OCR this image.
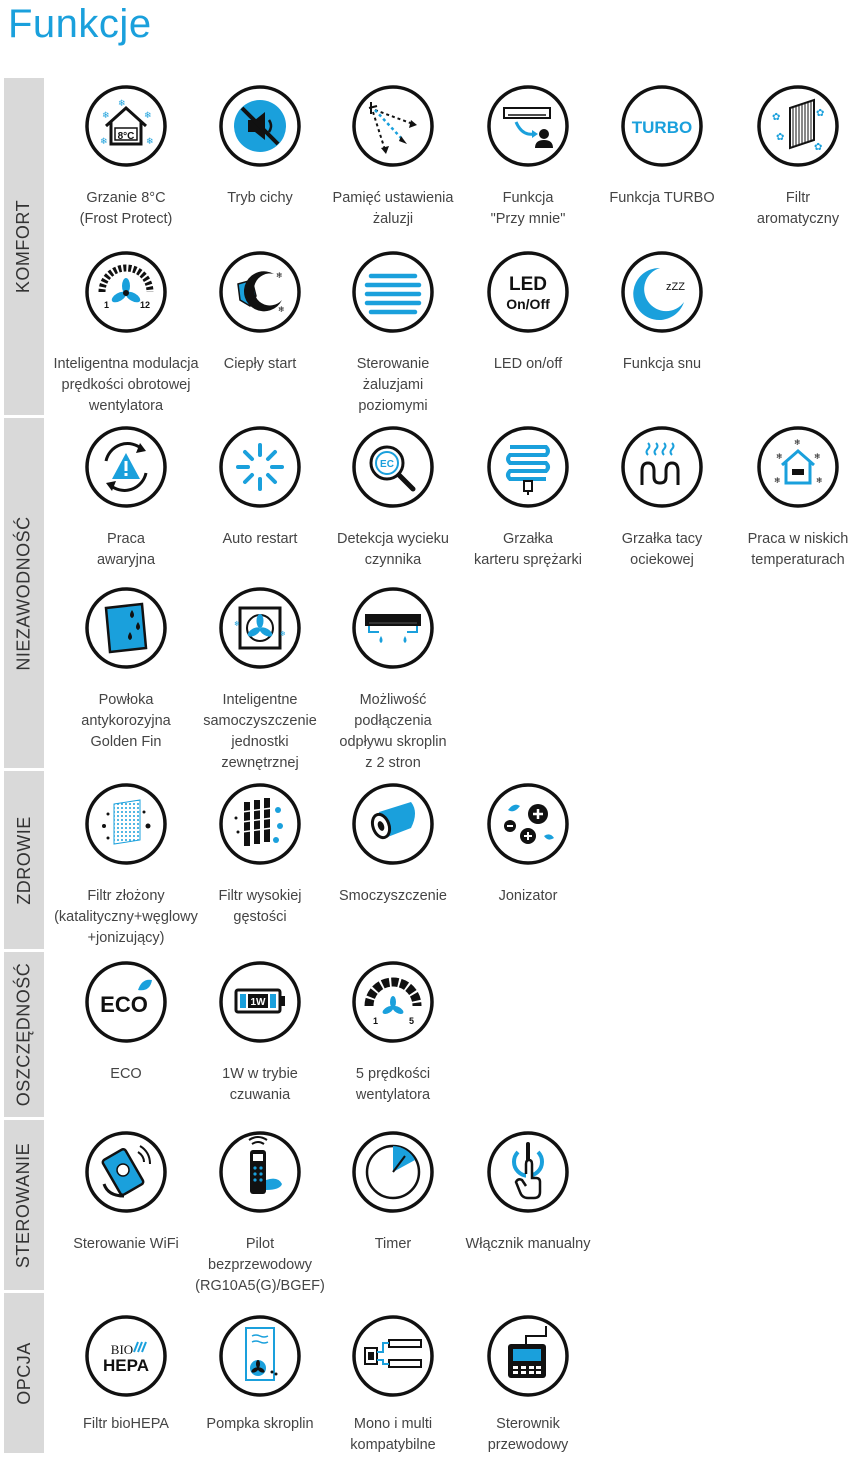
Funkcje
KOMFORT
NIEZAWODNOŚĆ
ZDROWIE
OSZCZĘDNOŚĆ
STEROWANIE
OPCJA
8°C
❄
❄	❄
❄	❄
Grzanie 8°C
(Frost Protect)
Tryb cichy	Pamięć ustawienia
żaluzji
Funkcja
"Przy mnie"
TURBO
Funkcja TURBO
✿
✿
✿
✿
Filtr
aromatyczny
1	12
Inteligentna modulacja
prędkości obrotowej
wentylatora
❄
❄
Ciepły start	Sterowanie
żaluzjami
poziomymi
LED
On/Off
LED on/off
zZZ
Funkcja snu
Praca
awaryjna
Auto restart
EC
Detekcja wycieku
czynnika
Grzałka
karteru sprężarki
Grzałka tacy
ociekowej
❄
❄	❄
❄	❄
Praca w niskich
temperaturach
Powłoka
antykorozyjna
Golden Fin
❄
❄
Inteligentne
samoczyszczenie
jednostki
zewnętrznej
Możliwość
podłączenia
odpływu skroplin
z 2 stron
Filtr złożony
(katalityczny+węglowy
+jonizujący)
Filtr wysokiej
gęstości
Smoczyszczenie	Jonizator
ECO
ECO
1W
1W w trybie
czuwania
1	5
5 prędkości
wentylatora
Sterowanie WiFi	Pilot
bezprzewodowy
(RG10A5(G)/BGEF)
Timer	Włącznik manualny
BIO
HEPA
Filtr bioHEPA	Pompka skroplin	Mono i multi
kompatybilne
Sterownik
przewodowy
